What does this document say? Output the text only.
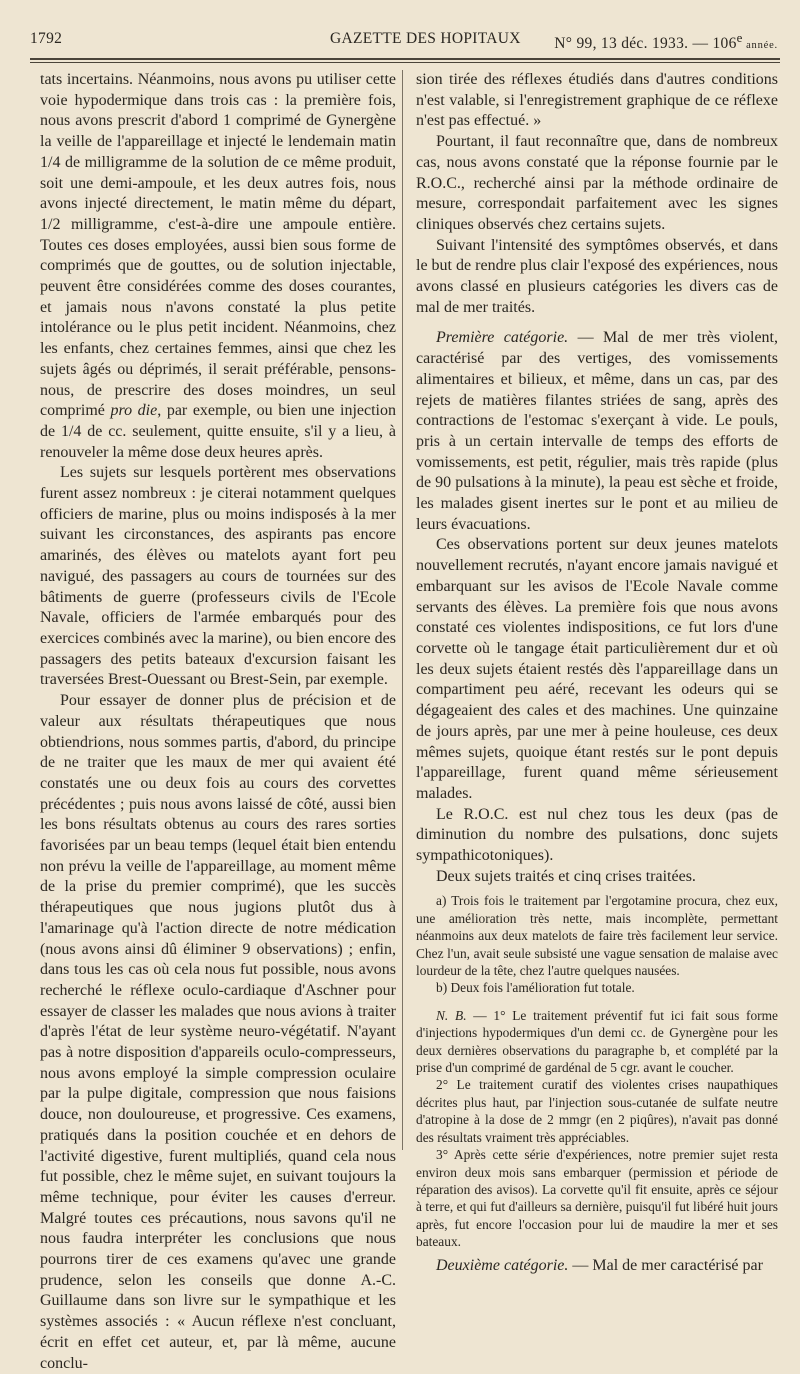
1792	GAZETTE DES HOPITAUX N° 99, 13 déc. 1933. — 106e année.

tats incertains. Néanmoins, nous avons pu utiliser cette voie hypodermique dans trois cas : la première fois, nous avons prescrit d'abord 1 comprimé de Gynergène la veille de l'appareillage et injecté le lendemain matin 1/4 de milligramme de la solution de ce même produit, soit une demi-ampoule, et les deux autres fois, nous avons injecté directement, le matin même du départ, 1/2 milligramme, c'est-à-dire une ampoule entière. Toutes ces doses employées, aussi bien sous forme de comprimés que de gouttes, ou de solution injectable, peuvent être considérées comme des doses courantes, et jamais nous n'avons constaté la plus petite intolérance ou le plus petit incident. Néanmoins, chez les enfants, chez certaines femmes, ainsi que chez les sujets âgés ou déprimés, il serait préférable, pensons-nous, de prescrire des doses moindres, un seul comprimé pro die, par exemple, ou bien une injection de 1/4 de cc. seulement, quitte ensuite, s'il y a lieu, à renouveler la même dose deux heures après.

Les sujets sur lesquels portèrent mes observations furent assez nombreux : je citerai notamment quelques officiers de marine, plus ou moins indisposés à la mer suivant les circonstances, des aspirants pas encore amarinés, des élèves ou matelots ayant fort peu navigué, des passagers au cours de tournées sur des bâtiments de guerre (professeurs civils de l'Ecole Navale, officiers de l'armée embarqués pour des exercices combinés avec la marine), ou bien encore des passagers des petits bateaux d'excursion faisant les traversées Brest-Ouessant ou Brest-Sein, par exemple.

Pour essayer de donner plus de précision et de valeur aux résultats thérapeutiques que nous obtiendrions, nous sommes partis, d'abord, du principe de ne traiter que les maux de mer qui avaient été constatés une ou deux fois au cours des corvettes précédentes ; puis nous avons laissé de côté, aussi bien les bons résultats obtenus au cours des rares sorties favorisées par un beau temps (lequel était bien entendu non prévu la veille de l'appareillage, au moment même de la prise du premier comprimé), que les succès thérapeutiques que nous jugions plutôt dus à l'amarinage qu'à l'action directe de notre médication (nous avons ainsi dû éliminer 9 observations) ; enfin, dans tous les cas où cela nous fut possible, nous avons recherché le réflexe oculo-cardiaque d'Aschner pour essayer de classer les malades que nous avions à traiter d'après l'état de leur système neuro-végétatif. N'ayant pas à notre disposition d'appareils oculo-compresseurs, nous avons employé la simple compression oculaire par la pulpe digitale, compression que nous faisions douce, non douloureuse, et progressive. Ces examens, pratiqués dans la position couchée et en dehors de l'activité digestive, furent multipliés, quand cela nous fut possible, chez le même sujet, en suivant toujours la même technique, pour éviter les causes d'erreur. Malgré toutes ces précautions, nous savons qu'il ne nous faudra interpréter les conclusions que nous pourrons tirer de ces examens qu'avec une grande prudence, selon les conseils que donne A.-C. Guillaume dans son livre sur le sympathique et les systèmes associés : « Aucun réflexe n'est concluant, écrit en effet cet auteur, et, par là même, aucune conclu-

sion tirée des réflexes étudiés dans d'autres conditions n'est valable, si l'enregistrement graphique de ce réflexe n'est pas effectué. »

Pourtant, il faut reconnaître que, dans de nombreux cas, nous avons constaté que la réponse fournie par le R.O.C., recherché ainsi par la méthode ordinaire de mesure, correspondait parfaitement avec les signes cliniques observés chez certains sujets.

Suivant l'intensité des symptômes observés, et dans le but de rendre plus clair l'exposé des expériences, nous avons classé en plusieurs catégories les divers cas de mal de mer traités.

Première catégorie. — Mal de mer très violent, caractérisé par des vertiges, des vomissements alimentaires et bilieux, et même, dans un cas, par des rejets de matières filantes striées de sang, après des contractions de l'estomac s'exerçant à vide. Le pouls, pris à un certain intervalle de temps des efforts de vomissements, est petit, régulier, mais très rapide (plus de 90 pulsations à la minute), la peau est sèche et froide, les malades gisent inertes sur le pont et au milieu de leurs évacuations.

Ces observations portent sur deux jeunes matelots nouvellement recrutés, n'ayant encore jamais navigué et embarquant sur les avisos de l'Ecole Navale comme servants des élèves. La première fois que nous avons constaté ces violentes indispositions, ce fut lors d'une corvette où le tangage était particulièrement dur et où les deux sujets étaient restés dès l'appareillage dans un compartiment peu aéré, recevant les odeurs qui se dégageaient des cales et des machines. Une quinzaine de jours après, par une mer à peine houleuse, ces deux mêmes sujets, quoique étant restés sur le pont depuis l'appareillage, furent quand même sérieusement malades.

Le R.O.C. est nul chez tous les deux (pas de diminution du nombre des pulsations, donc sujets sympathicotoniques).

Deux sujets traités et cinq crises traitées.

a) Trois fois le traitement par l'ergotamine procura, chez eux, une amélioration très nette, mais incomplète, permettant néanmoins aux deux matelots de faire très facilement leur service. Chez l'un, avait seule subsisté une vague sensation de malaise avec lourdeur de la tête, chez l'autre quelques nausées.

b) Deux fois l'amélioration fut totale.

N. B. — 1° Le traitement préventif fut ici fait sous forme d'injections hypodermiques d'un demi cc. de Gynergène pour les deux dernières observations du paragraphe b, et complété par la prise d'un comprimé de gardénal de 5 cgr. avant le coucher.

2° Le traitement curatif des violentes crises naupathiques décrites plus haut, par l'injection sous-cutanée de sulfate neutre d'atropine à la dose de 2 mmgr (en 2 piqûres), n'avait pas donné des résultats vraiment très appréciables.

3° Après cette série d'expériences, notre premier sujet resta environ deux mois sans embarquer (permission et période de réparation des avisos). La corvette qu'il fit ensuite, après ce séjour à terre, et qui fut d'ailleurs sa dernière, puisqu'il fut libéré huit jours après, fut encore l'occasion pour lui de maudire la mer et ses bateaux.

Deuxième catégorie. — Mal de mer caractérisé par
